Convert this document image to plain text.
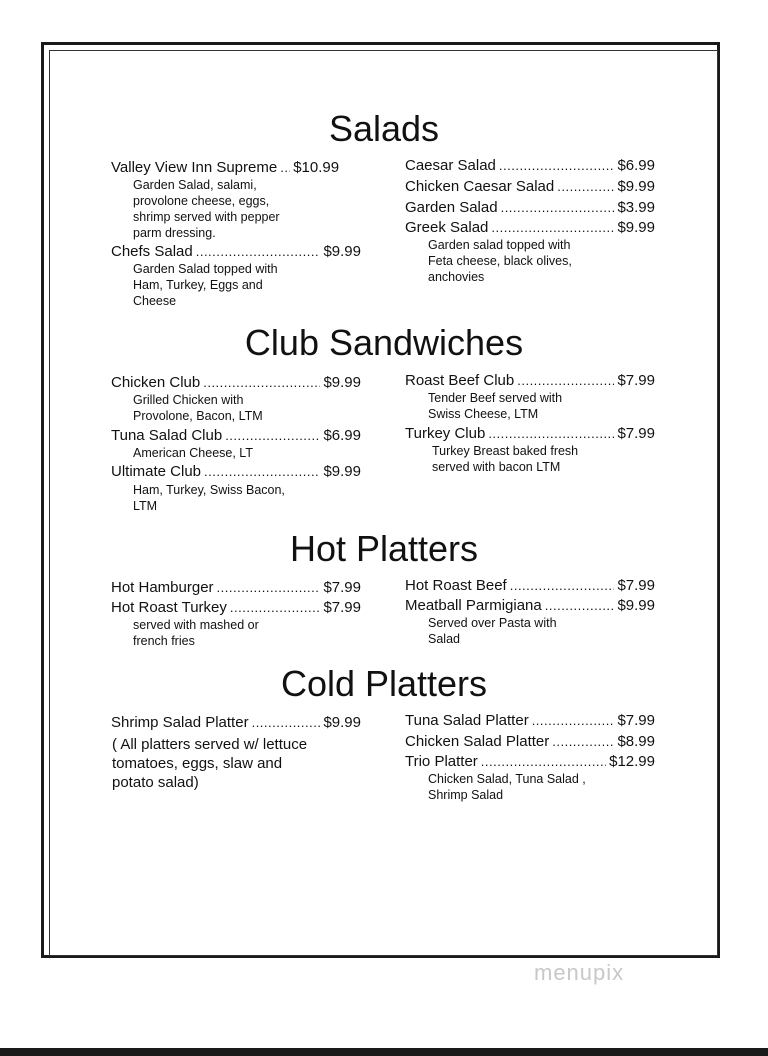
Salads
Valley View Inn Supreme ..... $10.99

Garden Salad, salami,
provolone cheese, eggs,
shrimp served with pepper
parm dressing.

Chefs Salad .....	$9.99

Garden Salad topped with
Ham, Turkey, Eggs and
Cheese

Caesar Salad .....	$6.99
Chicken Caesar Salad .....	$9.99
Garden Salad .....	$3.99
Greek Salad .....	$9.99

Garden salad topped with
Feta cheese, black olives,
anchovies

Club Sandwiches
Chicken Club .....	$9.99

Grilled Chicken with
Provolone, Bacon, LTM

Tuna Salad Club .....	$6.99

American Cheese, LT

Ultimate Club .....	$9.99

Ham, Turkey, Swiss Bacon,
LTM

Roast Beef Club .....	$7.99

Tender Beef served with
Swiss Cheese, LTM

Turkey Club .....	$7.99

Turkey Breast baked fresh
served with bacon LTM

Hot Platters
Hot Hamburger .....	$7.99
Hot Roast Turkey .....	$7.99

served with mashed or
french fries

Hot Roast Beef .....	$7.99
Meatball Parmigiana .....	$9.99

Served over Pasta with
Salad

Cold Platters
Shrimp Salad Platter .....	$9.99

( All platters served w/ lettuce
tomatoes, eggs, slaw and
potato salad)

Tuna Salad Platter .....	$7.99
Chicken Salad Platter .....	$8.99
Trio Platter .....	$12.99

Chicken Salad, Tuna Salad ,
Shrimp Salad

menupix
